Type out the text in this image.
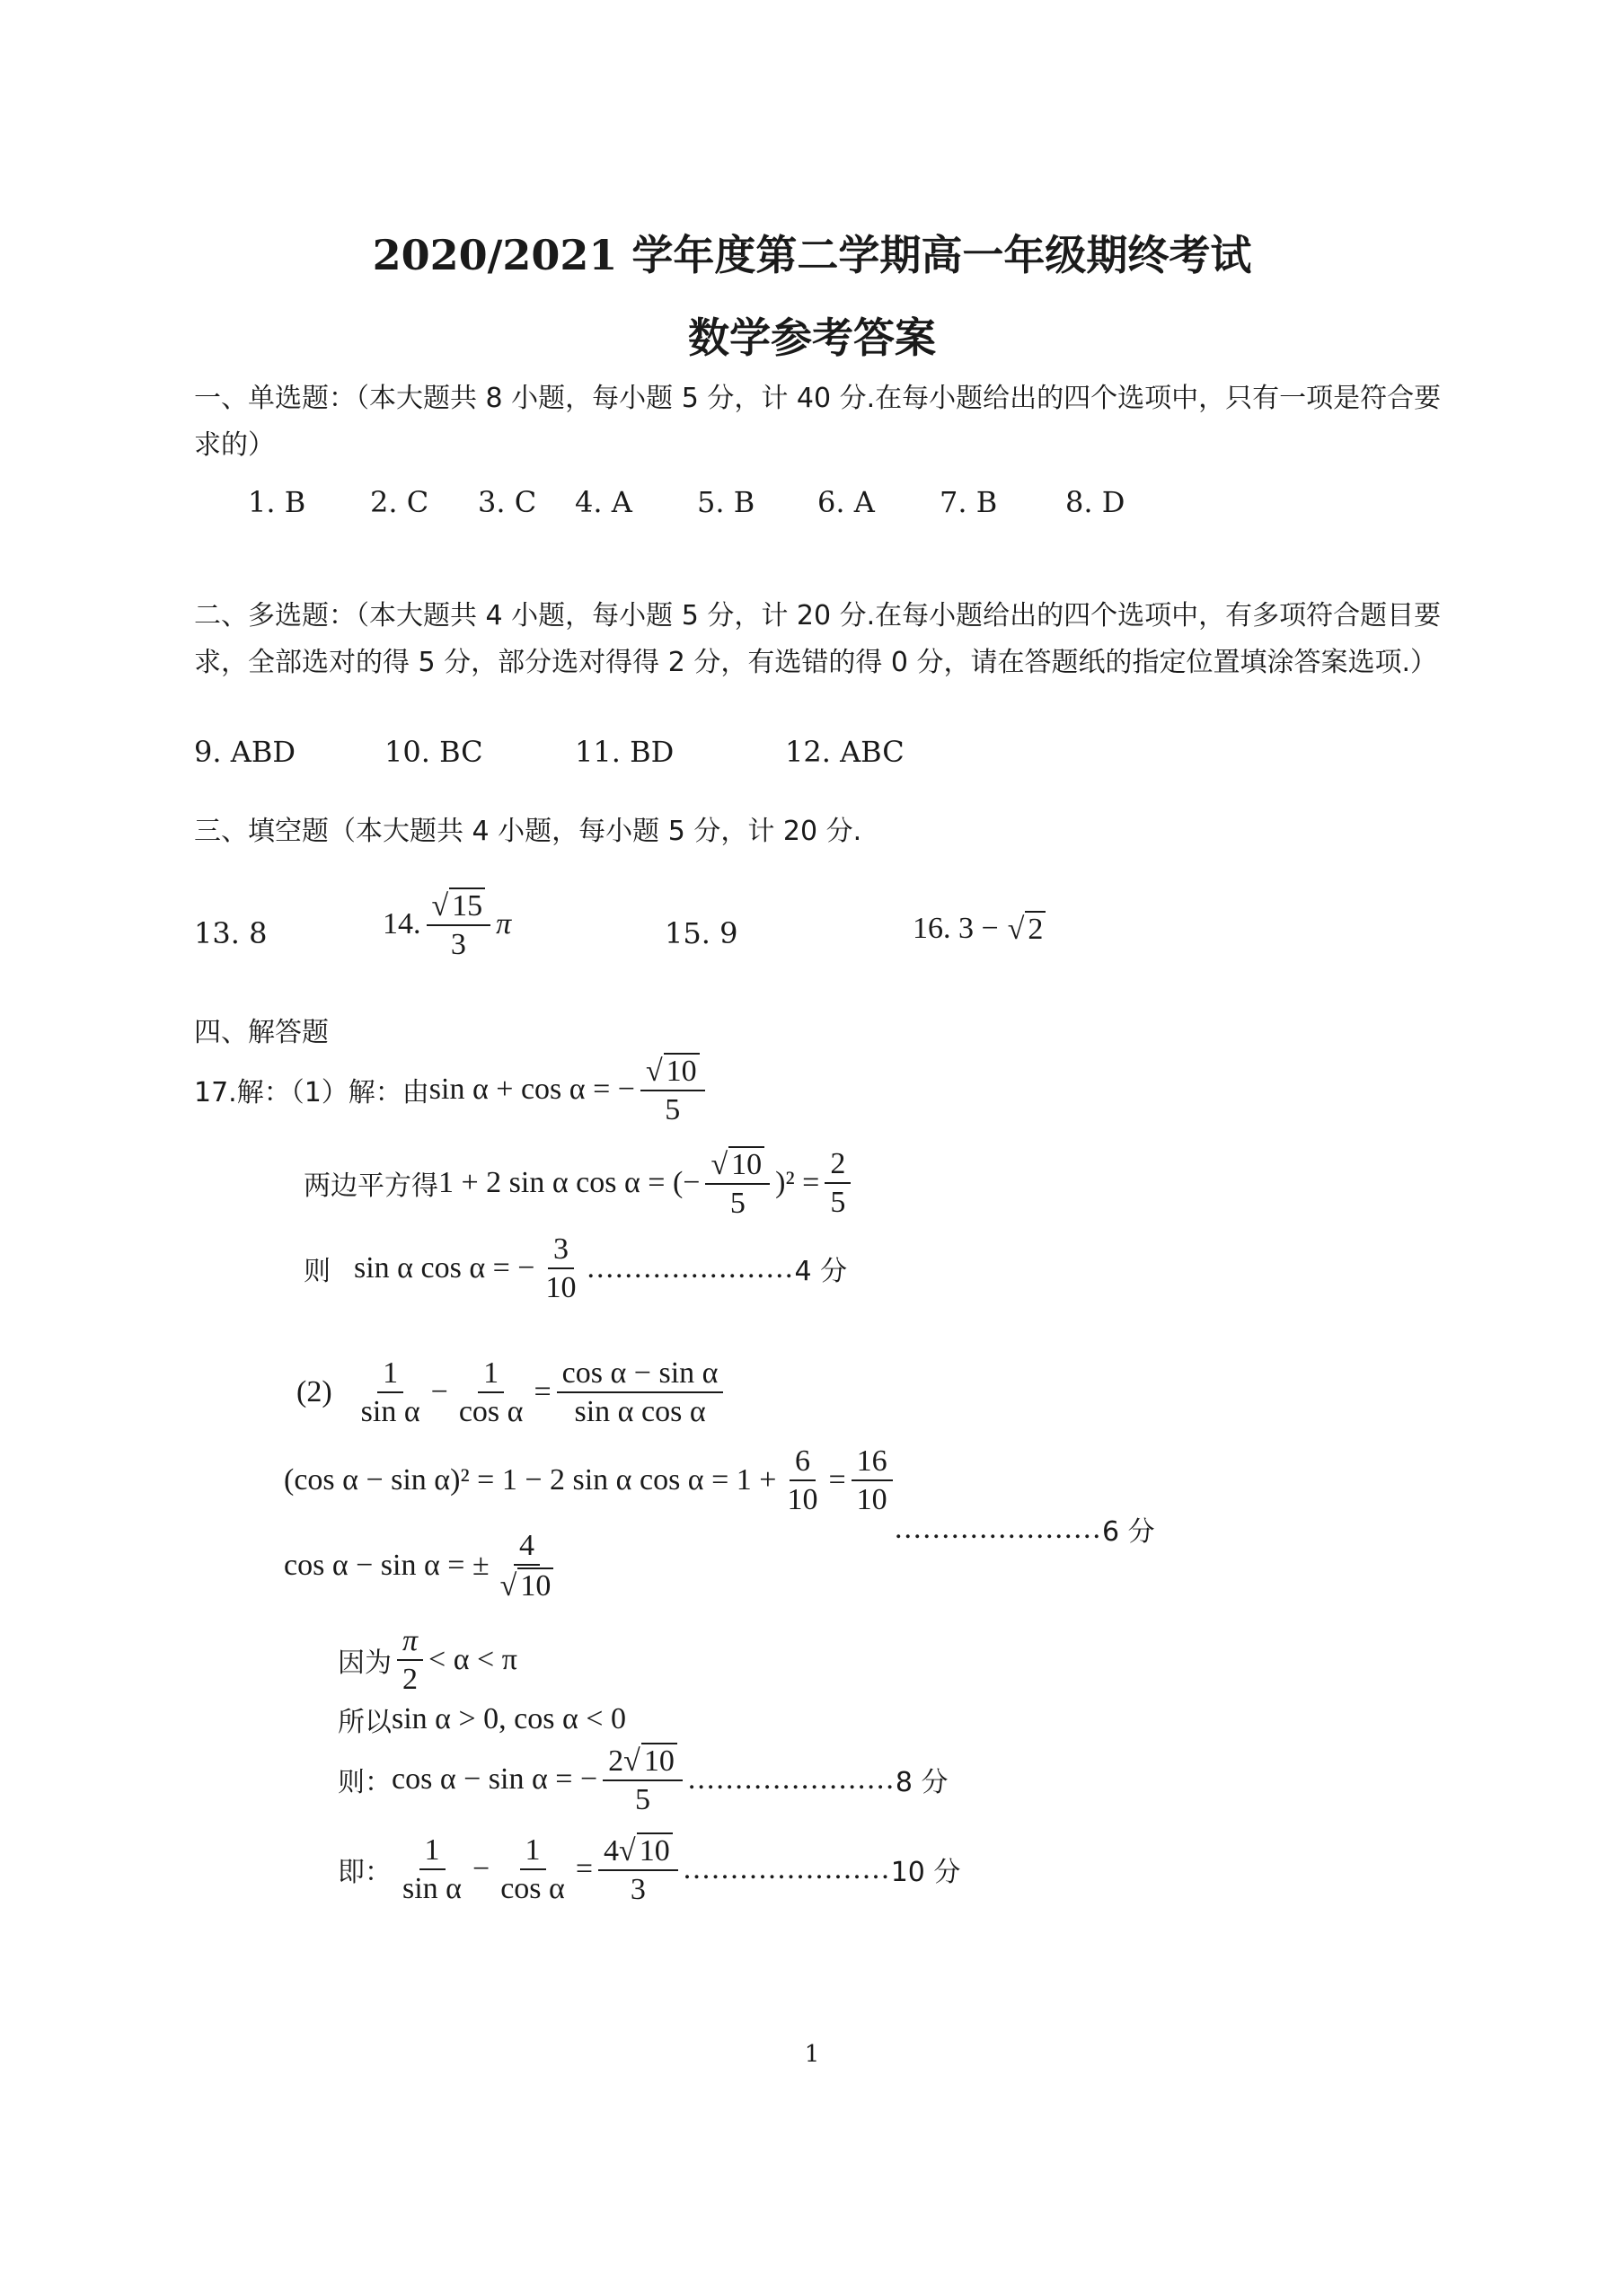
2020/2021 学年度第二学期高一年级期终考试
数学参考答案
一、单选题：（本大题共 8 小题，每小题 5 分，计 40 分.在每小题给出的四个选项中，只有一项是符合要求的）
1. B 2. C 3. C 4. A 5. B 6. A 7. B 8. D
二、多选题：（本大题共 4 小题，每小题 5 分，计 20 分.在每小题给出的四个选项中，有多项符合题目要求，全部选对的得 5 分，部分选对得得 2 分，有选错的得 0 分，请在答题纸的指定位置填涂答案选项.）
9. ABD	10. BC	11. BD	12. ABC
三、填空题（本大题共 4 小题，每小题 5 分，计 20 分.
13. 8	14. $\frac{√ 15}{3}$ π	15. 9	16. 3 − √ 2
四、解答题
17.解：（1）解：由 sin α + cos α = − $\frac{√ 10}{5}$
两边平方得 1 + 2 sin α cos α = (− $\frac{√ 10}{5} )^2 = \frac{2}{5}$
则 sin α cos α = − $\frac{3}{10}$ ...................... 4 分
$(2) \frac{1}{\text{sin α}} - \frac{1}{\text{cos α}} = \frac{\text{cos α − sin α}}{\text{sin α cos α}}$
(cos α − sin α)² = 1 − 2 sin α $\cos \alpha = 1 + \frac{6}{10} = \frac{16}{10}$
...................... 6 分
cos α − sin α = ± $\frac{4}{√ 10}$
因为 $\frac{\pi}{2} < \alpha < \pi$
所以 sin α > 0, cos α < 0
则： cos α − sin α = − $\frac{2 √ 10}{5}$ ...................... 8 分
即： $\frac{1}{\text{sin α}} - \frac{1}{\text{cos α}} = \frac{4 √ 10}{3}$ ...................... 10 分
1
